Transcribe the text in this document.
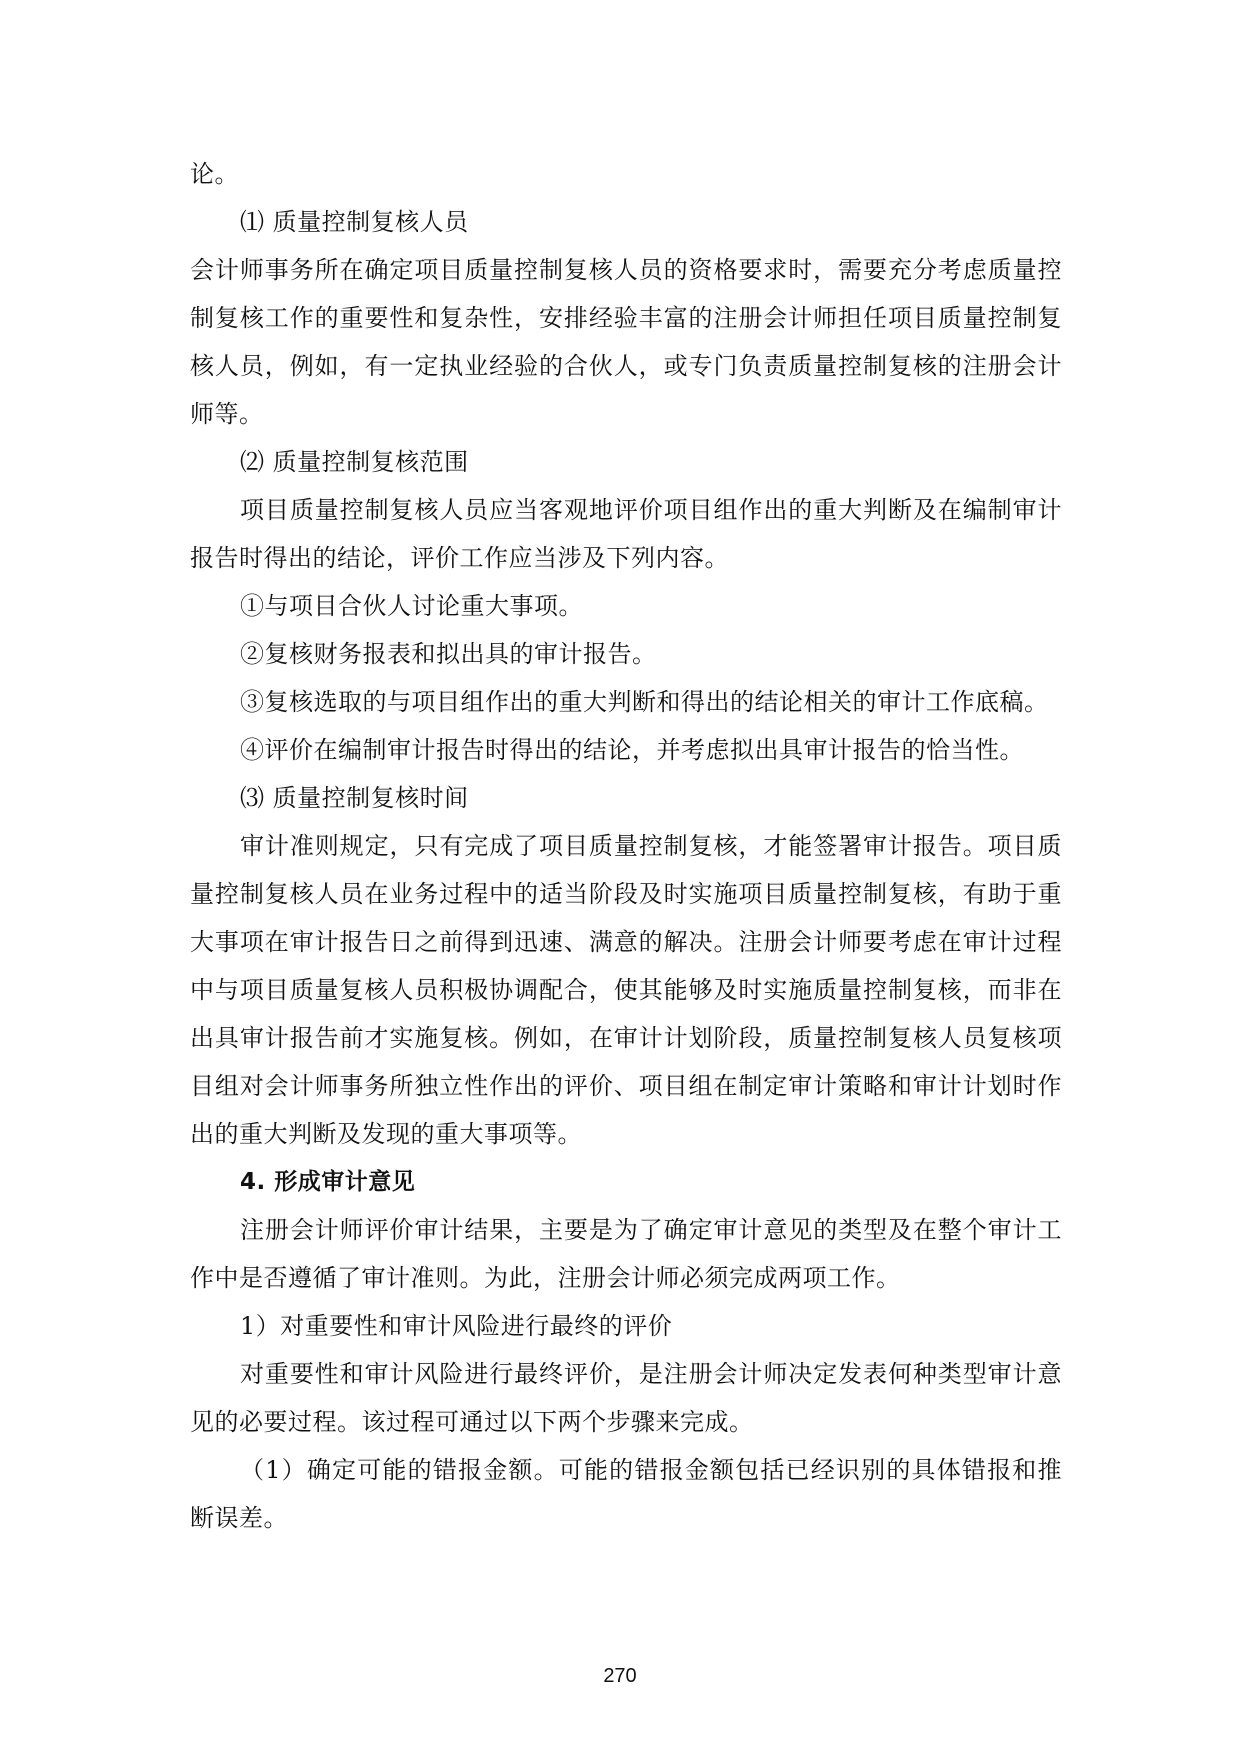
论。

⑴ 质量控制复核人员

会计师事务所在确定项目质量控制复核人员的资格要求时，需要充分考虑质量控制复核工作的重要性和复杂性，安排经验丰富的注册会计师担任项目质量控制复核人员，例如，有一定执业经验的合伙人，或专门负责质量控制复核的注册会计师等。

⑵ 质量控制复核范围

项目质量控制复核人员应当客观地评价项目组作出的重大判断及在编制审计报告时得出的结论，评价工作应当涉及下列内容。

①与项目合伙人讨论重大事项。

②复核财务报表和拟出具的审计报告。

③复核选取的与项目组作出的重大判断和得出的结论相关的审计工作底稿。

④评价在编制审计报告时得出的结论，并考虑拟出具审计报告的恰当性。

⑶ 质量控制复核时间

审计准则规定，只有完成了项目质量控制复核，才能签署审计报告。项目质量控制复核人员在业务过程中的适当阶段及时实施项目质量控制复核，有助于重大事项在审计报告日之前得到迅速、满意的解决。注册会计师要考虑在审计过程中与项目质量复核人员积极协调配合，使其能够及时实施质量控制复核，而非在出具审计报告前才实施复核。例如，在审计计划阶段，质量控制复核人员复核项目组对会计师事务所独立性作出的评价、项目组在制定审计策略和审计计划时作出的重大判断及发现的重大事项等。

4. 形成审计意见

注册会计师评价审计结果，主要是为了确定审计意见的类型及在整个审计工作中是否遵循了审计准则。为此，注册会计师必须完成两项工作。

1）对重要性和审计风险进行最终的评价

对重要性和审计风险进行最终评价，是注册会计师决定发表何种类型审计意见的必要过程。该过程可通过以下两个步骤来完成。

（1）确定可能的错报金额。可能的错报金额包括已经识别的具体错报和推断误差。

270
